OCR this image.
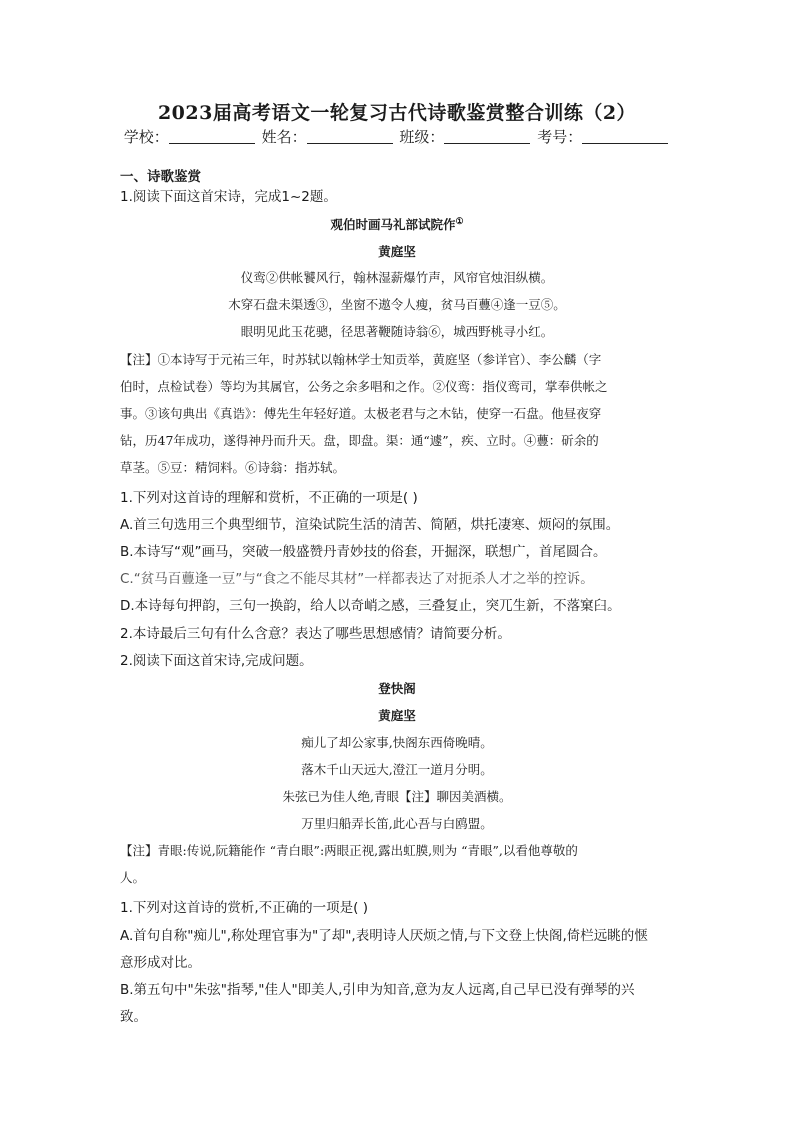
2023届高考语文一轮复习古代诗歌鉴赏整合训练（2）
学校：	姓名：	班级：	考号：
一、诗歌鉴赏
1.阅读下面这首宋诗，完成1~2题。
观伯时画马礼部试院作①
黄庭坚
仪鸾②供帐饕风行，翰林湿薪爆竹声，风帘官烛泪纵横。
木穿石盘未渠透③，坐窗不遨令人瘦，贫马百蘴④逢一豆⑤。
眼明见此玉花骢，径思著鞭随诗翁⑥，城西野桃寻小红。
【注】①本诗写于元祐三年，时苏轼以翰林学士知贡举，黄庭坚（参详官）、李公麟（字
伯时，点检试卷）等均为其属官，公务之余多唱和之作。②仪鸾：指仪鸾司，掌奉供帐之
事。③该句典出《真诰》：傅先生年轻好道。太极老君与之木钻，使穿一石盘。他昼夜穿
钻，历47年成功，遂得神丹而升天。盘，即盘。渠：通“遽”，疾、立时。④蘴：斫余的
草茎。⑤豆：精饲料。⑥诗翁：指苏轼。
1.下列对这首诗的理解和赏析，不正确的一项是( )
A.首三句选用三个典型细节，渲染试院生活的清苦、简陋，烘托凄寒、烦闷的氛围。
B.本诗写“观”画马，突破一般盛赞丹青妙技的俗套，开掘深，联想广，首尾圆合。
C.“贫马百蘴逢一豆”与“食之不能尽其材”一样都表达了对扼杀人才之举的控诉。
D.本诗每句押韵，三句一换韵，给人以奇峭之感，三叠复止，突兀生新，不落窠臼。
2.本诗最后三句有什么含意？表达了哪些思想感情？请简要分析。
2.阅读下面这首宋诗,完成问题。
登快阁
黄庭坚
痴儿了却公家事,快阁东西倚晚晴。
落木千山天远大,澄江一道月分明。
朱弦已为佳人绝,青眼【注】聊因美酒横。
万里归船弄长笛,此心吾与白鸥盟。
【注】青眼:传说,阮籍能作 “青白眼”:两眼正视,露出虹膜,则为 “青眼”,以看他尊敬的
人。
1.下列对这首诗的赏析,不正确的一项是( )
A.首句自称"痴儿",称处理官事为"了却",表明诗人厌烦之情,与下文登上快阁,倚栏远眺的惬
意形成对比。
B.第五句中"朱弦"指琴,"佳人"即美人,引申为知音,意为友人远离,自己早已没有弹琴的兴
致。
